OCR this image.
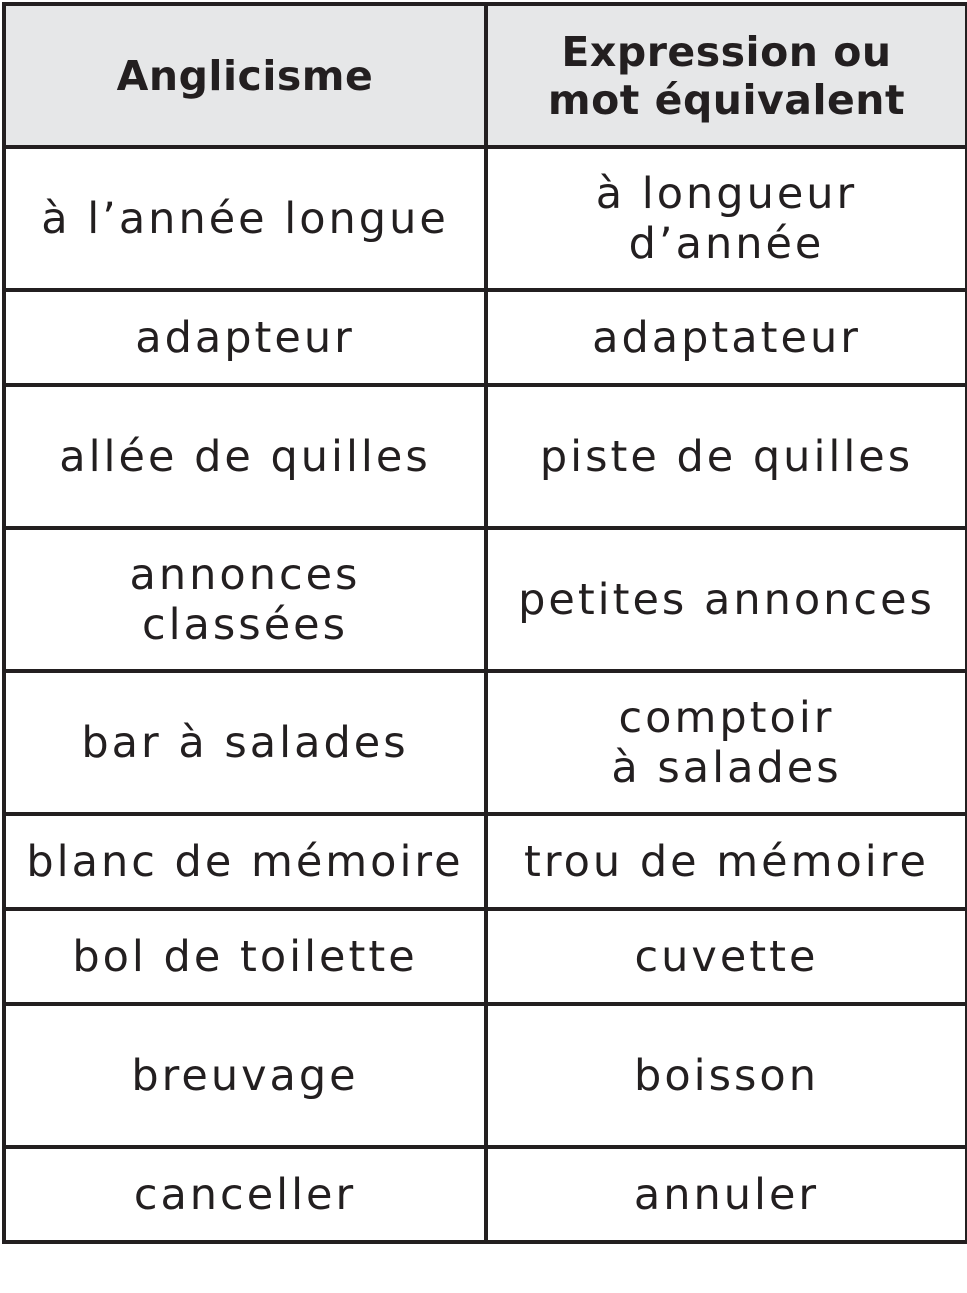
Anglicisme	Expression ou
mot équivalent
à l’année longue	à longueur
d’année
adapteur	adaptateur
allée de quilles	piste de quilles
annonces
classées	petites annonces
bar à salades	comptoir
à salades
blanc de mémoire	trou de mémoire
bol de toilette	cuvette
breuvage	boisson
canceller	annuler
